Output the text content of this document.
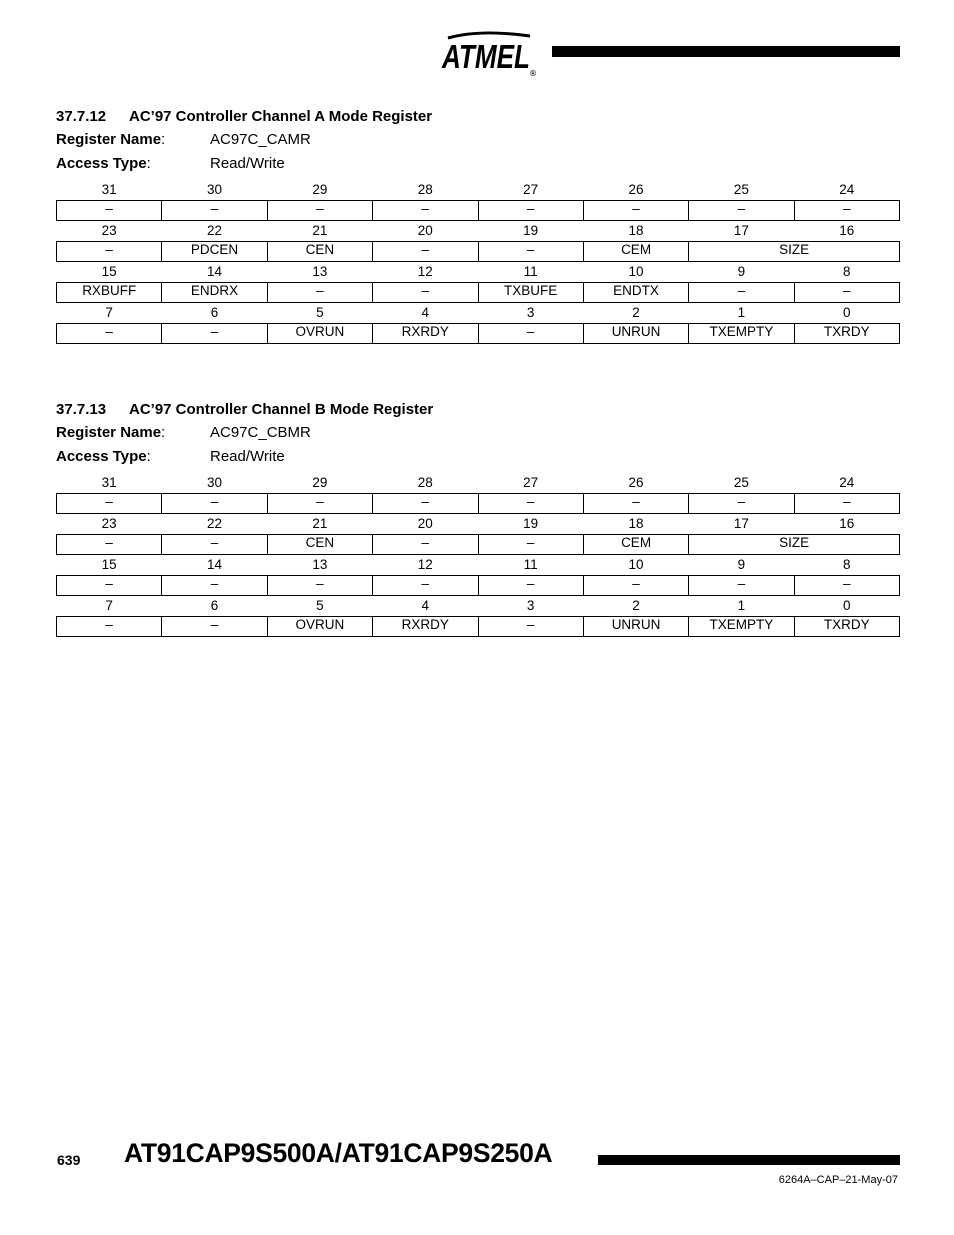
ATMEL ®
37.7.12 AC’97 Controller Channel A Mode Register
Register Name:	AC97C_CAMR
Access Type:	Read/Write
31	30	29	28	27	26	25	24
–	–	–	–	–	–	–	–
23	22	21	20	19	18	17	16
–	PDCEN	CEN	–	–	CEM	SIZE	
15	14	13	12	11	10	9	8
RXBUFF	ENDRX	–	–	TXBUFE	ENDTX	–	–
7	6	5	4	3	2	1	0
–	–	OVRUN	RXRDY	–	UNRUN	TXEMPTY	TXRDY
37.7.13 AC’97 Controller Channel B Mode Register
Register Name:	AC97C_CBMR
Access Type:	Read/Write
31	30	29	28	27	26	25	24
–	–	–	–	–	–	–	–
23	22	21	20	19	18	17	16
–	–	CEN	–	–	CEM	SIZE	
15	14	13	12	11	10	9	8
–	–	–	–	–	–	–	–
7	6	5	4	3	2	1	0
–	–	OVRUN	RXRDY	–	UNRUN	TXEMPTY	TXRDY
639 AT91CAP9S500A/AT91CAP9S250A
6264A–CAP–21-May-07
